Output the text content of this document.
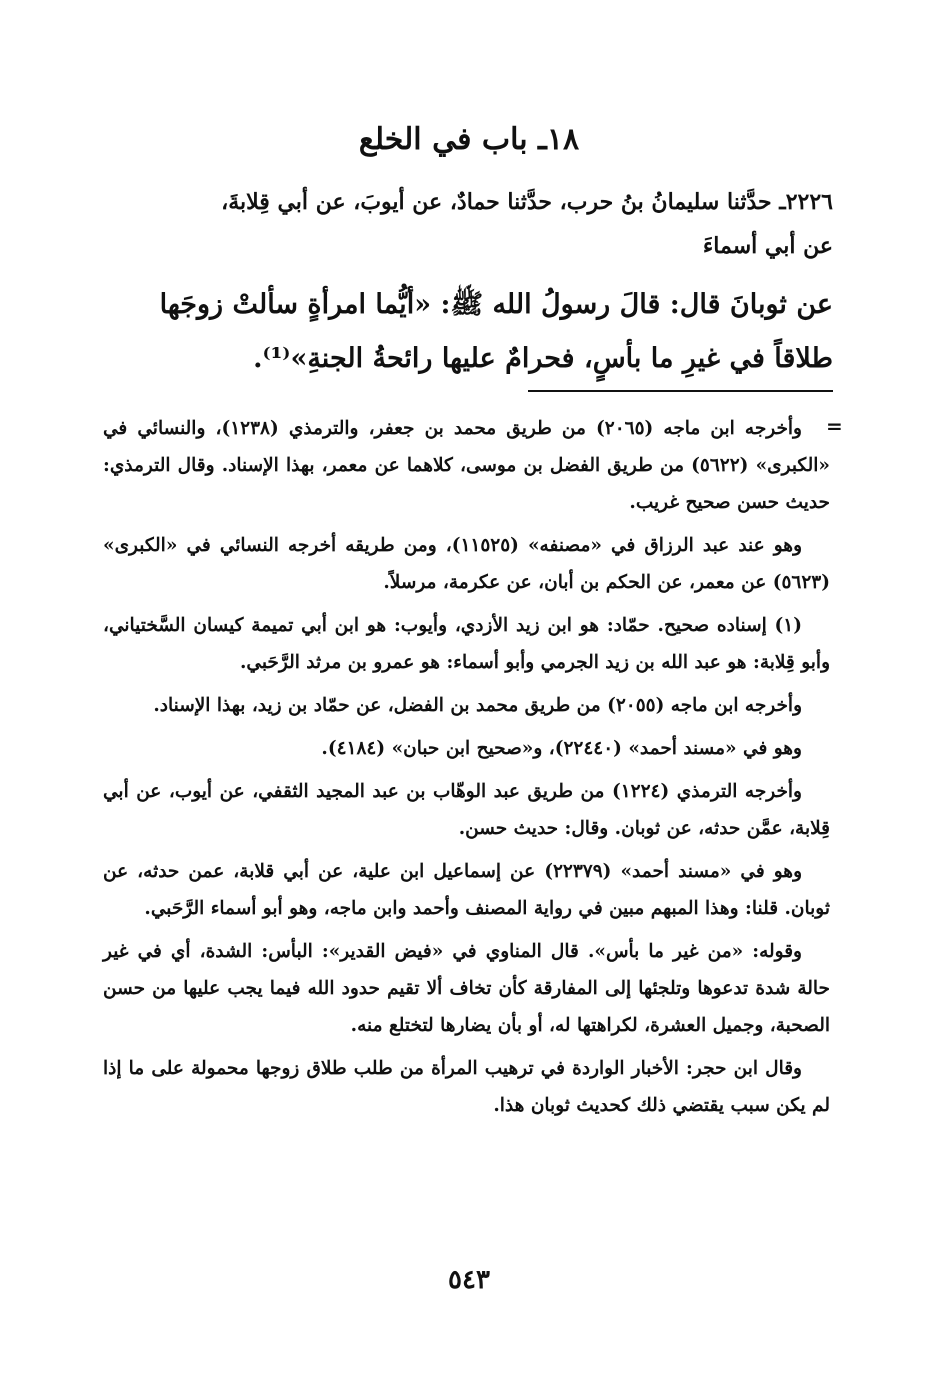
١٨ـ باب في الخلع

٢٢٢٦ـ حدَّثنا سليمانُ بنُ حرب، حدَّثنا حمادٌ، عن أيوبَ، عن أبي قِلابةَ،

عن أبي أسماءَ

عن ثوبانَ قال: قالَ رسولُ الله ﷺ: «أيُّما امرأةٍ سألتْ زوجَها

طلاقاً في غيرِ ما بأسٍ، فحرامٌ عليها رائحةُ الجنةِ»⁽¹⁾.

=

وأخرجه ابن ماجه (٢٠٦٥) من طريق محمد بن جعفر، والترمذي (١٢٣٨)، والنسائي في «الكبرى» (٥٦٢٢) من طريق الفضل بن موسى، كلاهما عن معمر، بهذا الإسناد. وقال الترمذي: حديث حسن صحيح غريب.

وهو عند عبد الرزاق في «مصنفه» (١١٥٢٥)، ومن طريقه أخرجه النسائي في «الكبرى» (٥٦٢٣) عن معمر، عن الحكم بن أبان، عن عكرمة، مرسلاً.

(١) إسناده صحيح. حمّاد: هو ابن زيد الأزدي، وأيوب: هو ابن أبي تميمة كيسان السَّختياني، وأبو قِلابة: هو عبد الله بن زيد الجرمي وأبو أسماء: هو عمرو بن مرثد الرَّحَبي.

وأخرجه ابن ماجه (٢٠٥٥) من طريق محمد بن الفضل، عن حمّاد بن زيد، بهذا الإسناد.

وهو في «مسند أحمد» (٢٢٤٤٠)، و«صحيح ابن حبان» (٤١٨٤).

وأخرجه الترمذي (١٢٢٤) من طريق عبد الوهّاب بن عبد المجيد الثقفي، عن أيوب، عن أبي قِلابة، عمَّن حدثه، عن ثوبان. وقال: حديث حسن.

وهو في «مسند أحمد» (٢٢٣٧٩) عن إسماعيل ابن علية، عن أبي قلابة، عمن حدثه، عن ثوبان. قلنا: وهذا المبهم مبين في رواية المصنف وأحمد وابن ماجه، وهو أبو أسماء الرَّحَبي.

وقوله: «من غير ما بأس». قال المناوي في «فيض القدير»: البأس: الشدة، أي في غير حالة شدة تدعوها وتلجئها إلى المفارقة كأن تخاف ألا تقيم حدود الله فيما يجب عليها من حسن الصحبة، وجميل العشرة، لكراهتها له، أو بأن يضارها لتختلع منه.

وقال ابن حجر: الأخبار الواردة في ترهيب المرأة من طلب طلاق زوجها محمولة على ما إذا لم يكن سبب يقتضي ذلك كحديث ثوبان هذا.

٥٤٣
